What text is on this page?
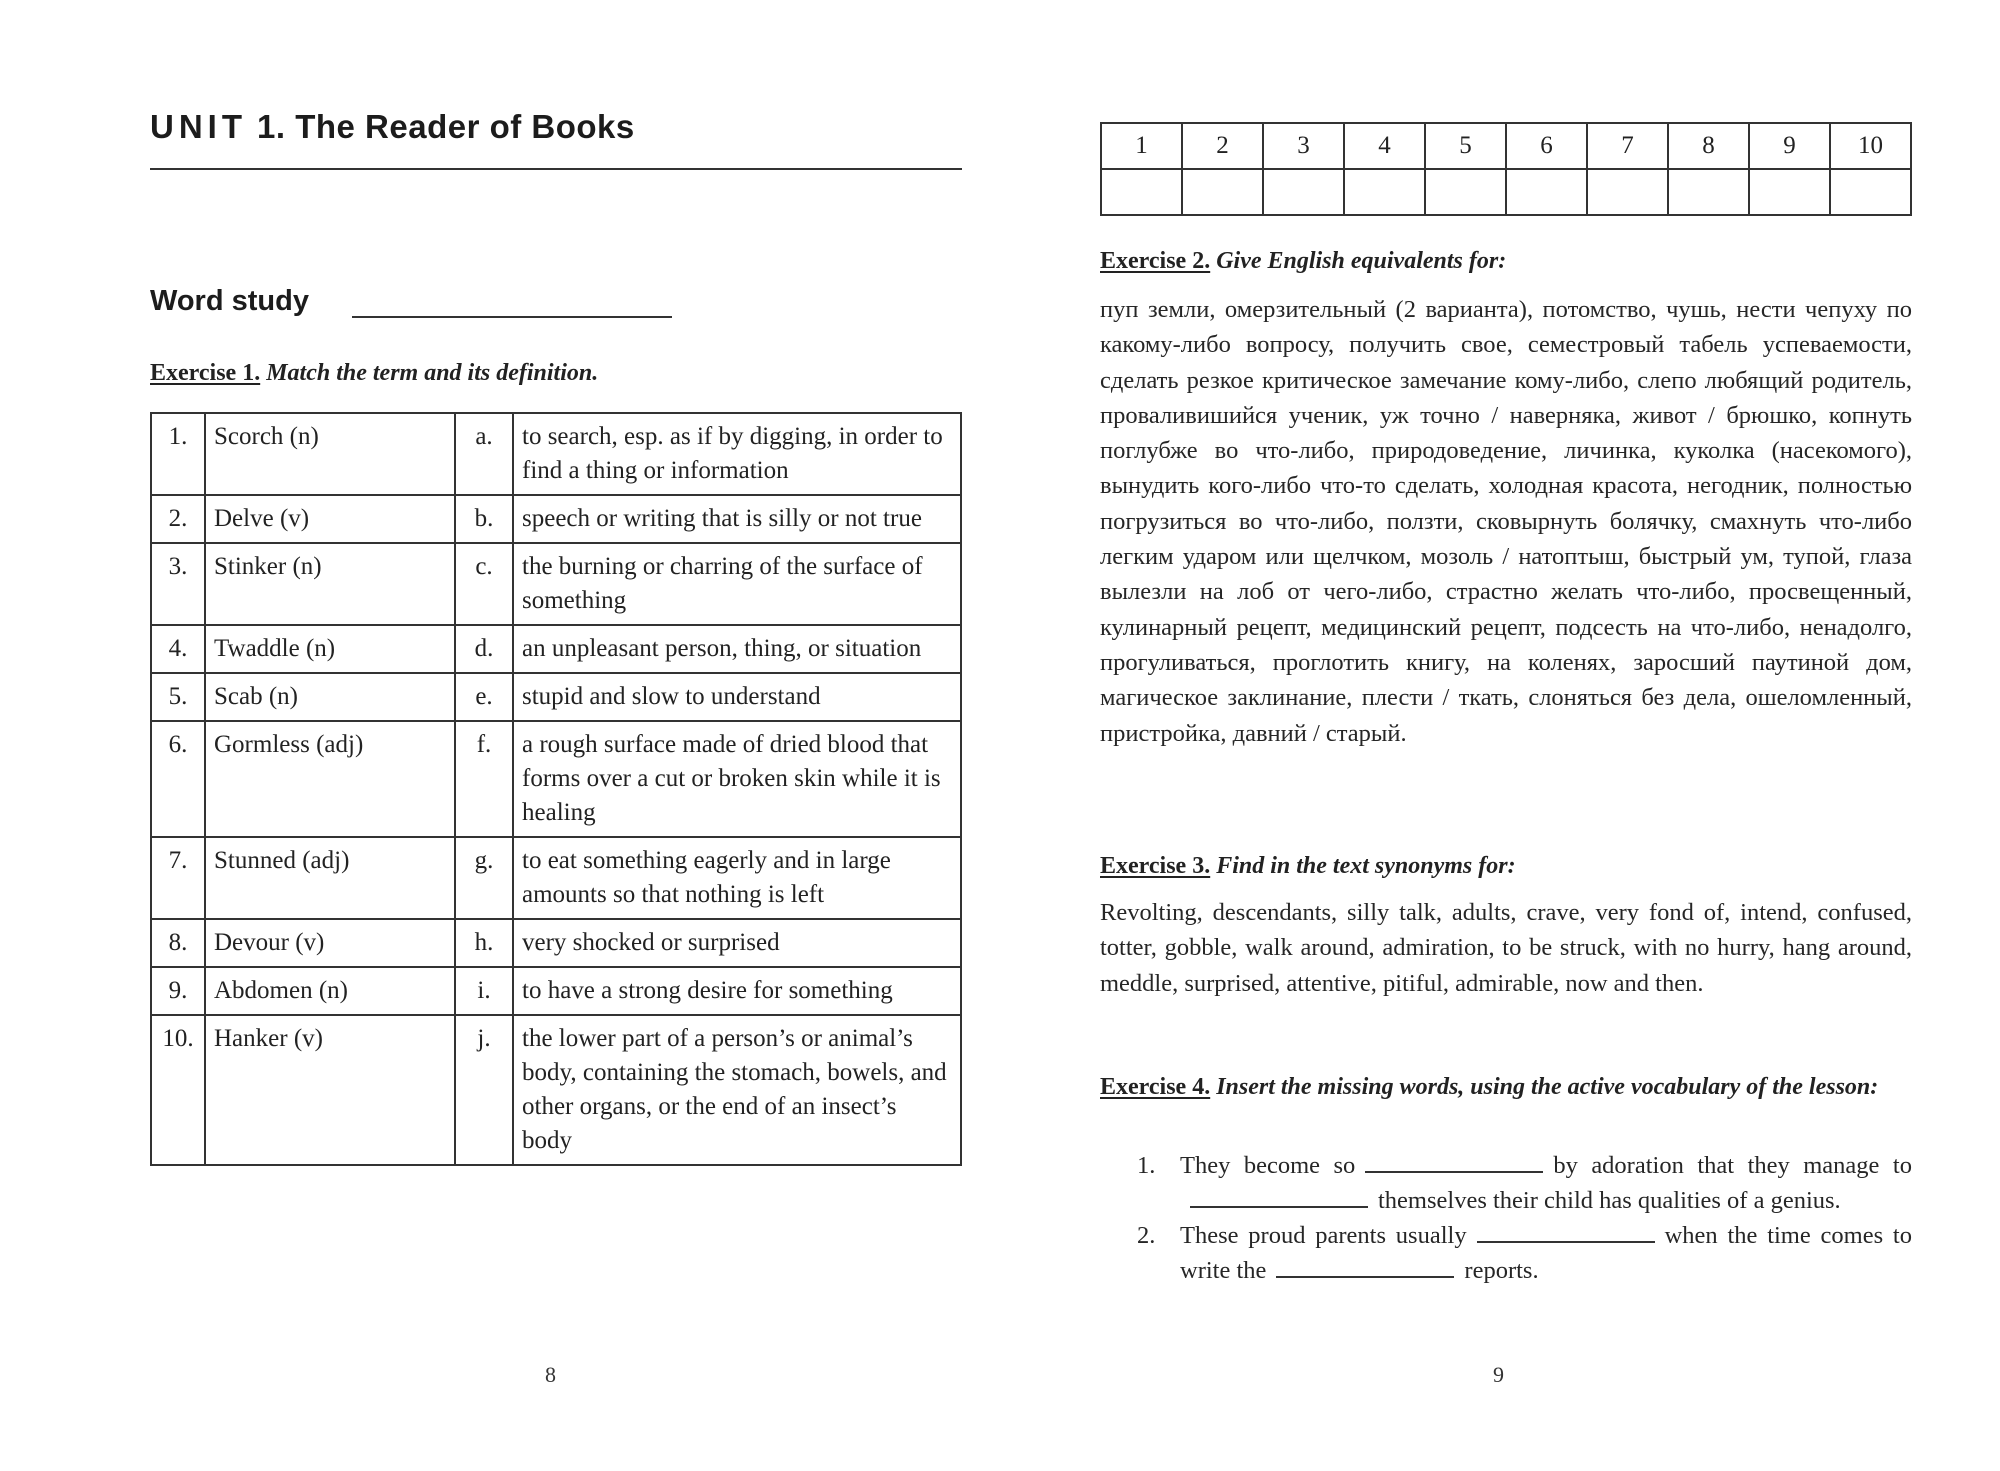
UNIT 1. The Reader of Books
Word study

Exercise 1. Match the term and its definition.

1.	Scorch (n)	a.	to search, esp. as if by digging, in order to find a thing or information
2.	Delve (v)	b.	speech or writing that is silly or not true
3.	Stinker (n)	c.	the burning or charring of the surface of something
4.	Twaddle (n)	d.	an unpleasant person, thing, or situation
5.	Scab (n)	e.	stupid and slow to understand
6.	Gormless (adj)	f.	a rough surface made of dried blood that forms over a cut or broken skin while it is healing
7.	Stunned (adj)	g.	to eat something eagerly and in large amounts so that nothing is left
8.	Devour (v)	h.	very shocked or surprised
9.	Abdomen (n)	i.	to have a strong desire for something
10.	Hanker (v)	j.	the lower part of a person’s or animal’s body, containing the stomach, bowels, and other organs, or the end of an insect’s body
8
1	2	3	4	5	6	7	8	9	10

Exercise 2. Give English equivalents for:

пуп земли, омерзительный (2 варианта), потомство, чушь, нести чепуху по какому-либо вопросу, получить свое, семестровый табель успеваемости, сделать резкое критическое замечание кому-либо, слепо любящий родитель, проваливишийся ученик, уж точно / наверняка, живот / брюшко, копнуть поглубже во что-либо, природоведение, личинка, куколка (насекомого), вынудить кого-либо что-то сделать, холодная красота, негодник, полностью погрузиться во что-либо, ползти, сковырнуть болячку, смахнуть что-либо легким ударом или щелчком, мозоль / натоптыш, быстрый ум, тупой, глаза вылезли на лоб от чего-либо, страстно желать что-либо, просвещенный, кулинарный рецепт, медицинский рецепт, подсесть на что-либо, ненадолго, прогуливаться, проглотить книгу, на коленях, заросший паутиной дом, магическое заклинание, плести / ткать, слоняться без дела, ошеломленный, пристройка, давний / старый.

Exercise 3. Find in the text synonyms for:

Revolting, descendants, silly talk, adults, crave, very fond of, intend, confused, totter, gobble, walk around, admiration, to be struck, with no hurry, hang around, meddle, surprised, attentive, pitiful, admirable, now and then.

Exercise 4. Insert the missing words, using the active vocabulary of the lesson:

1. They become so	by adoration that they manage tothemselves their child has qualities of a genius.
2. These proud parents usually	when the time comes to write the	reports.
9
